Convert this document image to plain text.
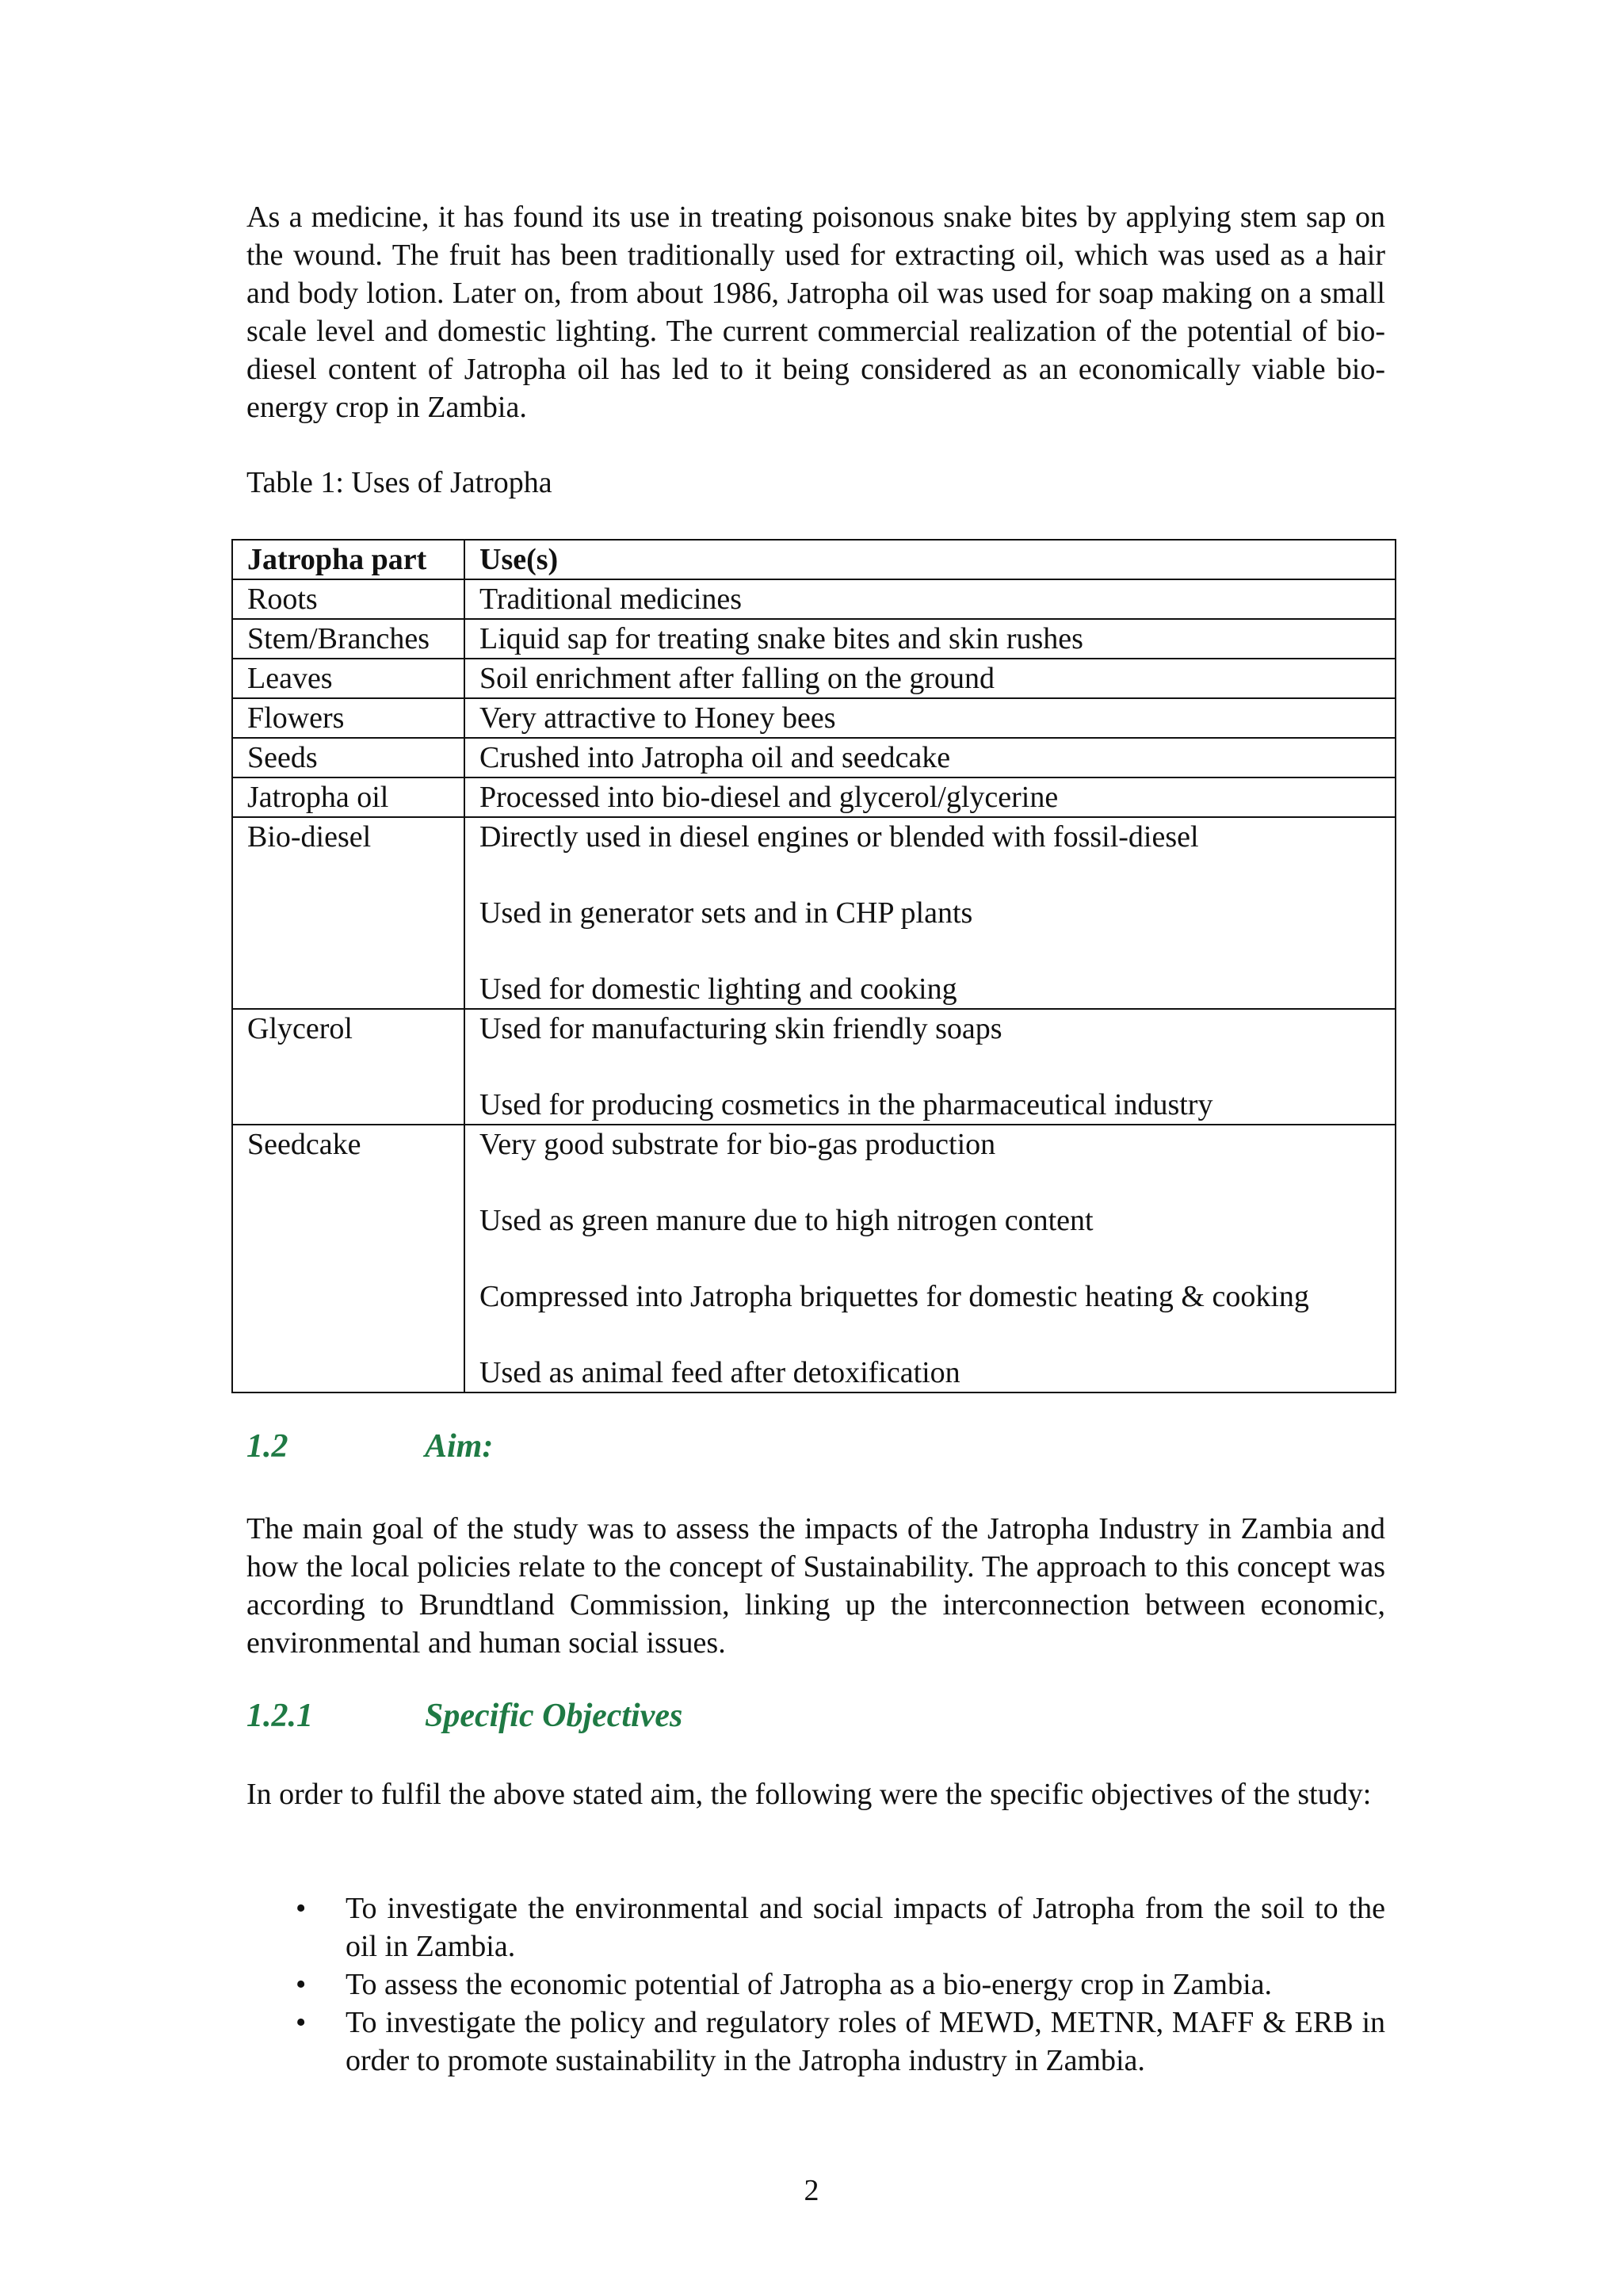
As a medicine, it has found its use in treating poisonous snake bites by applying stem sap on the wound. The fruit has been traditionally used for extracting oil, which was used as a hair and body lotion. Later on, from about 1986, Jatropha oil was used for soap making on a small scale level and domestic lighting. The current commercial realization of the potential of bio-diesel content of Jatropha oil has led to it being considered as an economically viable bio-energy crop in Zambia.

Table 1: Uses of Jatropha

Jatropha part	Use(s)
Roots	Traditional medicines

Stem/Branches	Liquid sap for treating snake bites and skin rushes

Leaves	Soil enrichment after falling on the ground

Flowers	Very attractive to Honey bees

Seeds	Crushed into Jatropha oil and seedcake

Jatropha oil	Processed into bio-diesel and glycerol/glycerine

Bio-diesel	Directly used in diesel engines or blended with fossil-diesel
Used in generator sets and in CHP plants
Used for domestic lighting and cooking

Glycerol	Used for manufacturing skin friendly soaps
Used for producing cosmetics in the pharmaceutical industry

Seedcake	Very good substrate for bio-gas production
Used as green manure due to high nitrogen content
Compressed into Jatropha briquettes for domestic heating & cooking
Used as animal feed after detoxification
1.2	Aim:

The main goal of the study was to assess the impacts of the Jatropha Industry in Zambia and how the local policies relate to the concept of Sustainability. The approach to this concept was according to Brundtland Commission, linking up the interconnection between economic, environmental and human social issues.

1.2.1	Specific Objectives

In order to fulfil the above stated aim, the following were the specific objectives of the study:

• To investigate the environmental and social impacts of Jatropha from the soil to the oil in Zambia.
• To assess the economic potential of Jatropha as a bio-energy crop in Zambia.
• To investigate the policy and regulatory roles of MEWD, METNR, MAFF & ERB in order to promote sustainability in the Jatropha industry in Zambia.
2
